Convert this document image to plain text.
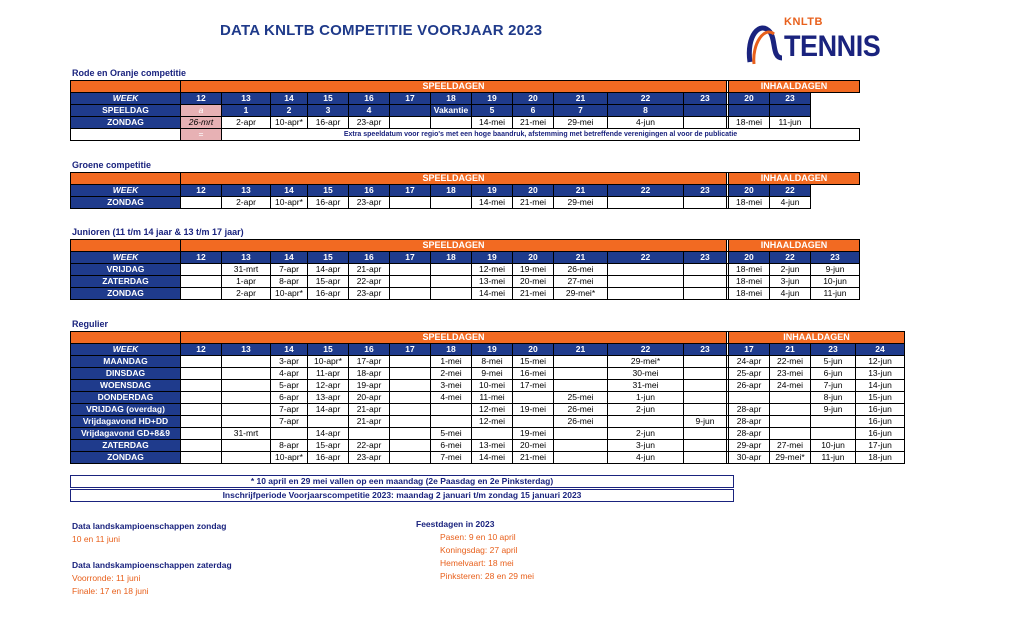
DATA KNLTB COMPETITIE VOORJAAR 2023	KNLTB
TENNIS
Rode en Oranje competitie
Groene competitie
Junioren (11 t/m 14 jaar & 13 t/m 17 jaar)
Regulier
	SPEELDAGEN													INHAALDAGEN	
WEEK	12	13	14	15	16	17	18	19	20	21	22	23		20	23
SPEELDAG	a	1	2	3	4		Vakantie	5	6	7	8				
ZONDAG	26-mrt	2-apr	10-apr*	16-apr	23-apr			14-mei	21-mei	29-mei	4-jun			18-mei	11-jun
	=	Extra speeldatum voor regio's met een hoge baandruk, afstemming met betreffende verenigingen al voor de publicatie													
	SPEELDAGEN													INHAALDAGEN	
WEEK	12	13	14	15	16	17	18	19	20	21	22	23		20	22
ZONDAG		2-apr	10-apr*	16-apr	23-apr			14-mei	21-mei	29-mei				18-mei	4-jun
	SPEELDAGEN													INHAALDAGEN		
WEEK	12	13	14	15	16	17	18	19	20	21	22	23		20	22	23
VRIJDAG		31-mrt	7-apr	14-apr	21-apr			12-mei	19-mei	26-mei				18-mei	2-jun	9-jun
ZATERDAG		1-apr	8-apr	15-apr	22-apr			13-mei	20-mei	27-mei				18-mei	3-jun	10-jun
ZONDAG		2-apr	10-apr*	16-apr	23-apr			14-mei	21-mei	29-mei*				18-mei	4-jun	11-jun
	SPEELDAGEN													INHAALDAGEN			
WEEK	12	13	14	15	16	17	18	19	20	21	22	23		17	21	23	24
MAANDAG			3-apr	10-apr*	17-apr		1-mei	8-mei	15-mei		29-mei*			24-apr	22-mei	5-jun	12-jun
DINSDAG			4-apr	11-apr	18-apr		2-mei	9-mei	16-mei		30-mei			25-apr	23-mei	6-jun	13-jun
WOENSDAG			5-apr	12-apr	19-apr		3-mei	10-mei	17-mei		31-mei			26-apr	24-mei	7-jun	14-jun
DONDERDAG			6-apr	13-apr	20-apr		4-mei	11-mei		25-mei	1-jun					8-jun	15-jun
VRIJDAG (overdag)			7-apr	14-apr	21-apr			12-mei	19-mei	26-mei	2-jun			28-apr		9-jun	16-jun
Vrijdagavond HD+DD			7-apr		21-apr			12-mei		26-mei		9-jun		28-apr			16-jun
Vrijdagavond GD+8&9		31-mrt		14-apr			5-mei		19-mei		2-jun			28-apr			16-jun
ZATERDAG			8-apr	15-apr	22-apr		6-mei	13-mei	20-mei		3-jun			29-apr	27-mei	10-jun	17-jun
ZONDAG			10-apr*	16-apr	23-apr		7-mei	14-mei	21-mei		4-jun			30-apr	29-mei*	11-jun	18-jun
* 10 april en 29 mei vallen op een maandag (2e Paasdag en 2e Pinksterdag)
Inschrijfperiode Voorjaarscompetitie 2023: maandag 2 januari t/m zondag 15 januari 2023
Data landskampioenschappen zondag
10 en 11 juni
Data landskampioenschappen zaterdag
Voorronde: 11 juni
Finale: 17 en 18 juni
Feestdagen in 2023
Pasen: 9 en 10 april
Koningsdag: 27 april
Hemelvaart: 18 mei
Pinksteren: 28 en 29 mei
